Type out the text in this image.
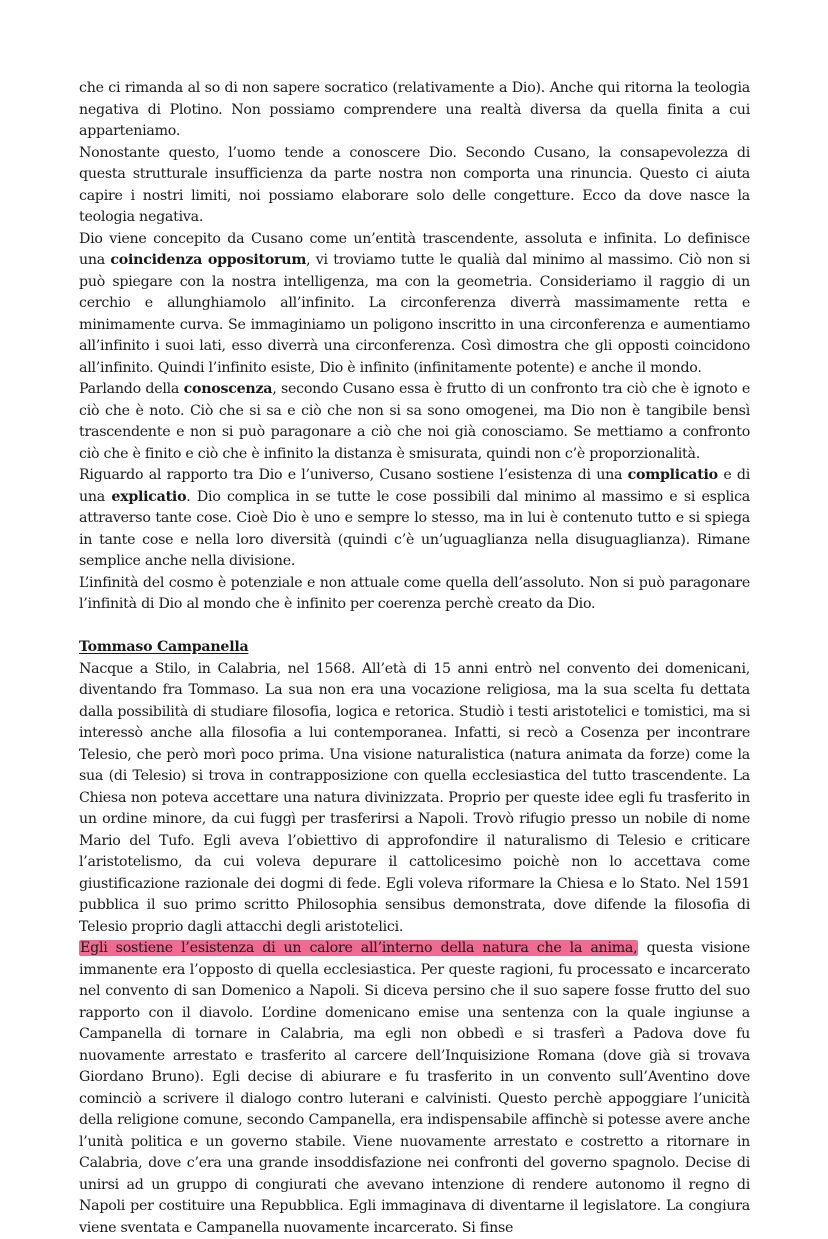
che ci rimanda al so di non sapere socratico (relativamente a Dio). Anche qui ritorna la teologia negativa di Plotino. Non possiamo comprendere una realtà diversa da quella finita a cui apparteniamo.

Nonostante questo, l’uomo tende a conoscere Dio. Secondo Cusano, la consapevolezza di questa strutturale insufficienza da parte nostra non comporta una rinuncia. Questo ci aiuta capire i nostri limiti, noi possiamo elaborare solo delle congetture. Ecco da dove nasce la teologia negativa.

Dio viene concepito da Cusano come un’entità trascendente, assoluta e infinita. Lo definisce una coincidenza oppositorum, vi troviamo tutte le qualià dal minimo al massimo. Ciò non si può spiegare con la nostra intelligenza, ma con la geometria. Consideriamo il raggio di un cerchio e allunghiamolo all’infinito. La circonferenza diverrà massimamente retta e minimamente curva. Se immaginiamo un poligono inscritto in una circonferenza e aumentiamo all’infinito i suoi lati, esso diverrà una circonferenza. Così dimostra che gli opposti coincidono all’infinito. Quindi l’infinito esiste, Dio è infinito (infinitamente potente) e anche il mondo.

Parlando della conoscenza, secondo Cusano essa è frutto di un confronto tra ciò che è ignoto e ciò che è noto. Ciò che si sa e ciò che non si sa sono omogenei, ma Dio non è tangibile bensì trascendente e non si può paragonare a ciò che noi già conosciamo. Se mettiamo a confronto ciò che è finito e ciò che è infinito la distanza è smisurata, quindi non c’è proporzionalità.

Riguardo al rapporto tra Dio e l’universo, Cusano sostiene l’esistenza di una complicatio e di una explicatio. Dio complica in se tutte le cose possibili dal minimo al massimo e si esplica attraverso tante cose. Cioè Dio è uno e sempre lo stesso, ma in lui è contenuto tutto e si spiega in tante cose e nella loro diversità (quindi c’è un’uguaglianza nella disuguaglianza). Rimane semplice anche nella divisione.

L’infinità del cosmo è potenziale e non attuale come quella dell’assoluto. Non si può paragonare l’infinità di Dio al mondo che è infinito per coerenza perchè creato da Dio.

Tommaso Campanella

Nacque a Stilo, in Calabria, nel 1568. All’età di 15 anni entrò nel convento dei domenicani, diventando fra Tommaso. La sua non era una vocazione religiosa, ma la sua scelta fu dettata dalla possibilità di studiare filosofia, logica e retorica. Studiò i testi aristotelici e tomistici, ma si interessò anche alla filosofia a lui contemporanea. Infatti, si recò a Cosenza per incontrare Telesio, che però morì poco prima. Una visione naturalistica (natura animata da forze) come la sua (di Telesio) si trova in contrapposizione con quella ecclesiastica del tutto trascendente. La Chiesa non poteva accettare una natura divinizzata. Proprio per queste idee egli fu trasferito in un ordine minore, da cui fuggì per trasferirsi a Napoli. Trovò rifugio presso un nobile di nome Mario del Tufo. Egli aveva l’obiettivo di approfondire il naturalismo di Telesio e criticare l’aristotelismo, da cui voleva depurare il cattolicesimo poichè non lo accettava come giustificazione razionale dei dogmi di fede. Egli voleva riformare la Chiesa e lo Stato. Nel 1591 pubblica il suo primo scritto Philosophia sensibus demonstrata, dove difende la filosofia di Telesio proprio dagli attacchi degli aristotelici.

Egli sostiene l’esistenza di un calore all’interno della natura che la anima, questa visione immanente era l’opposto di quella ecclesiastica. Per queste ragioni, fu processato e incarcerato nel convento di san Domenico a Napoli. Si diceva persino che il suo sapere fosse frutto del suo rapporto con il diavolo. L’ordine domenicano emise una sentenza con la quale ingiunse a Campanella di tornare in Calabria, ma egli non obbedì e si trasferì a Padova dove fu nuovamente arrestato e trasferito al carcere dell’Inquisizione Romana (dove già si trovava Giordano Bruno). Egli decise di abiurare e fu trasferito in un convento sull’Aventino dove cominciò a scrivere il dialogo contro luterani e calvinisti. Questo perchè appoggiare l’unicità della religione comune, secondo Campanella, era indispensabile affinchè si potesse avere anche l’unità politica e un governo stabile. Viene nuovamente arrestato e costretto a ritornare in Calabria, dove c’era una grande insoddisfazione nei confronti del governo spagnolo. Decise di unirsi ad un gruppo di congiurati che avevano intenzione di rendere autonomo il regno di Napoli per costituire una Repubblica. Egli immaginava di diventarne il legislatore. La congiura viene sventata e Campanella nuovamente incarcerato. Si finse
